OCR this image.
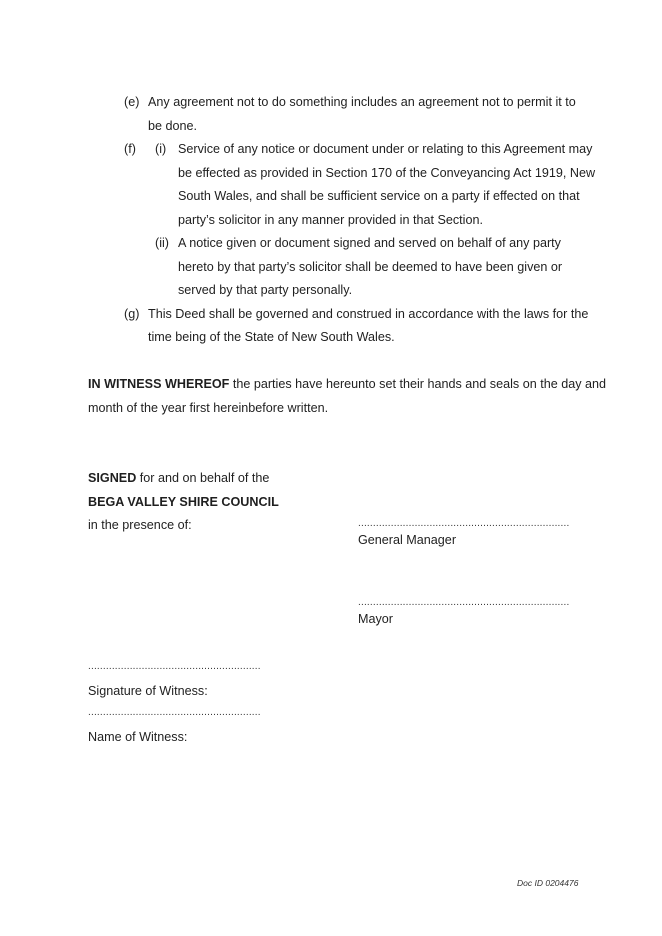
(e) Any agreement not to do something includes an agreement not to permit it to
be done.
(f) (i) Service of any notice or document under or relating to this Agreement may
be effected as provided in Section 170 of the Conveyancing Act 1919, New
South Wales, and shall be sufficient service on a party if effected on that
party’s solicitor in any manner provided in that Section.
(ii) A notice given or document signed and served on behalf of any party
hereto by that party’s solicitor shall be deemed to have been given or
served by that party personally.
(g) This Deed shall be governed and construed in accordance with the laws for the
time being of the State of New South Wales.
IN WITNESS WHEREOF the parties have hereunto set their hands and seals on the day and
month of the year first hereinbefore written.
SIGNED for and on behalf of the
BEGA VALLEY SHIRE COUNCIL
in the presence of:	.......................................................................
General Manager
.......................................................................
Mayor
..........................................................
Signature of Witness:
..........................................................
Name of Witness:
Doc ID 0204476
